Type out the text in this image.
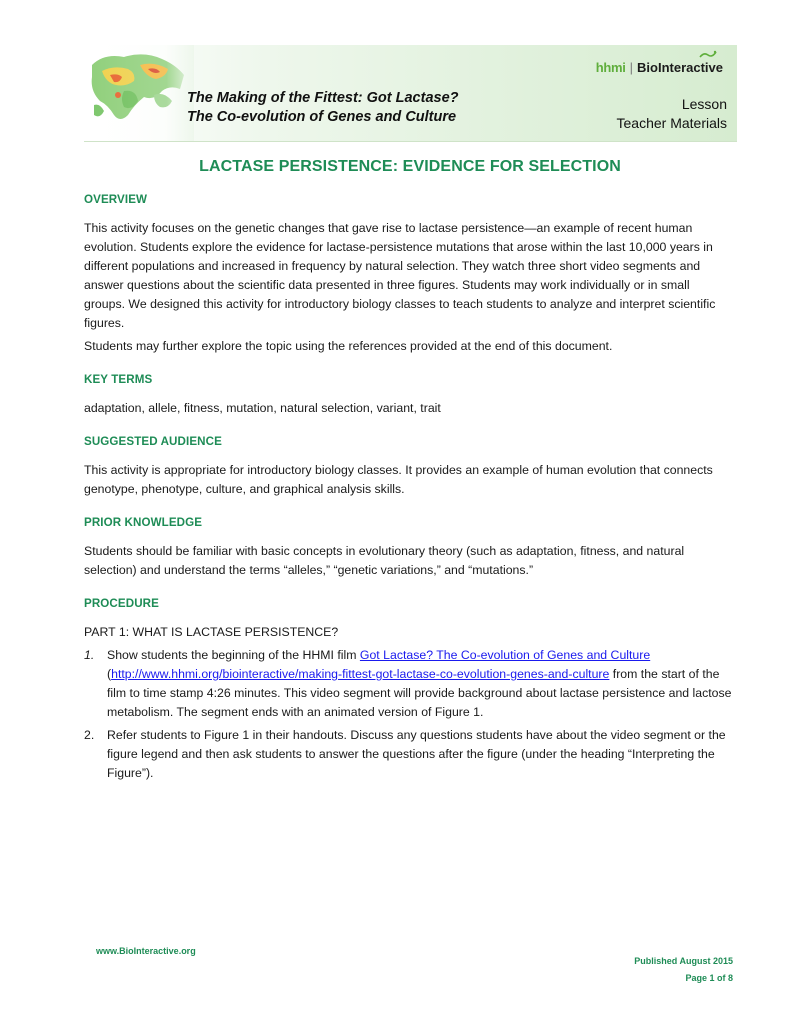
The Making of the Fittest: Got Lactase?
The Co-evolution of Genes and Culture
hhmi | BioInteractive
Lesson
Teacher Materials
LACTASE PERSISTENCE: EVIDENCE FOR SELECTION
OVERVIEW

This activity focuses on the genetic changes that gave rise to lactase persistence—an example of recent human evolution. Students explore the evidence for lactase-persistence mutations that arose within the last 10,000 years in different populations and increased in frequency by natural selection. They watch three short video segments and answer questions about the scientific data presented in three figures. Students may work individually or in small groups. We designed this activity for introductory biology classes to teach students to analyze and interpret scientific figures.

Students may further explore the topic using the references provided at the end of this document.

KEY TERMS

adaptation, allele, fitness, mutation, natural selection, variant, trait

SUGGESTED AUDIENCE

This activity is appropriate for introductory biology classes. It provides an example of human evolution that connects genotype, phenotype, culture, and graphical analysis skills.

PRIOR KNOWLEDGE

Students should be familiar with basic concepts in evolutionary theory (such as adaptation, fitness, and natural selection) and understand the terms “alleles,” “genetic variations,” and “mutations.”

PROCEDURE

PART 1: WHAT IS LACTASE PERSISTENCE?

1. Show students the beginning of the HHMI film Got Lactase? The Co-evolution of Genes and Culture
(http://www.hhmi.org/biointeractive/making-fittest-got-lactase-co-evolution-genes-and-culture from the start of the film to time stamp 4:26 minutes. This video segment will provide background about lactase persistence and lactose metabolism. The segment ends with an animated version of Figure 1.
2. Refer students to Figure 1 in their handouts. Discuss any questions students have about the video segment or the figure legend and then ask students to answer the questions after the figure (under the heading “Interpreting the Figure”).
www.BioInteractive.org
Published August 2015
Page 1 of 8
